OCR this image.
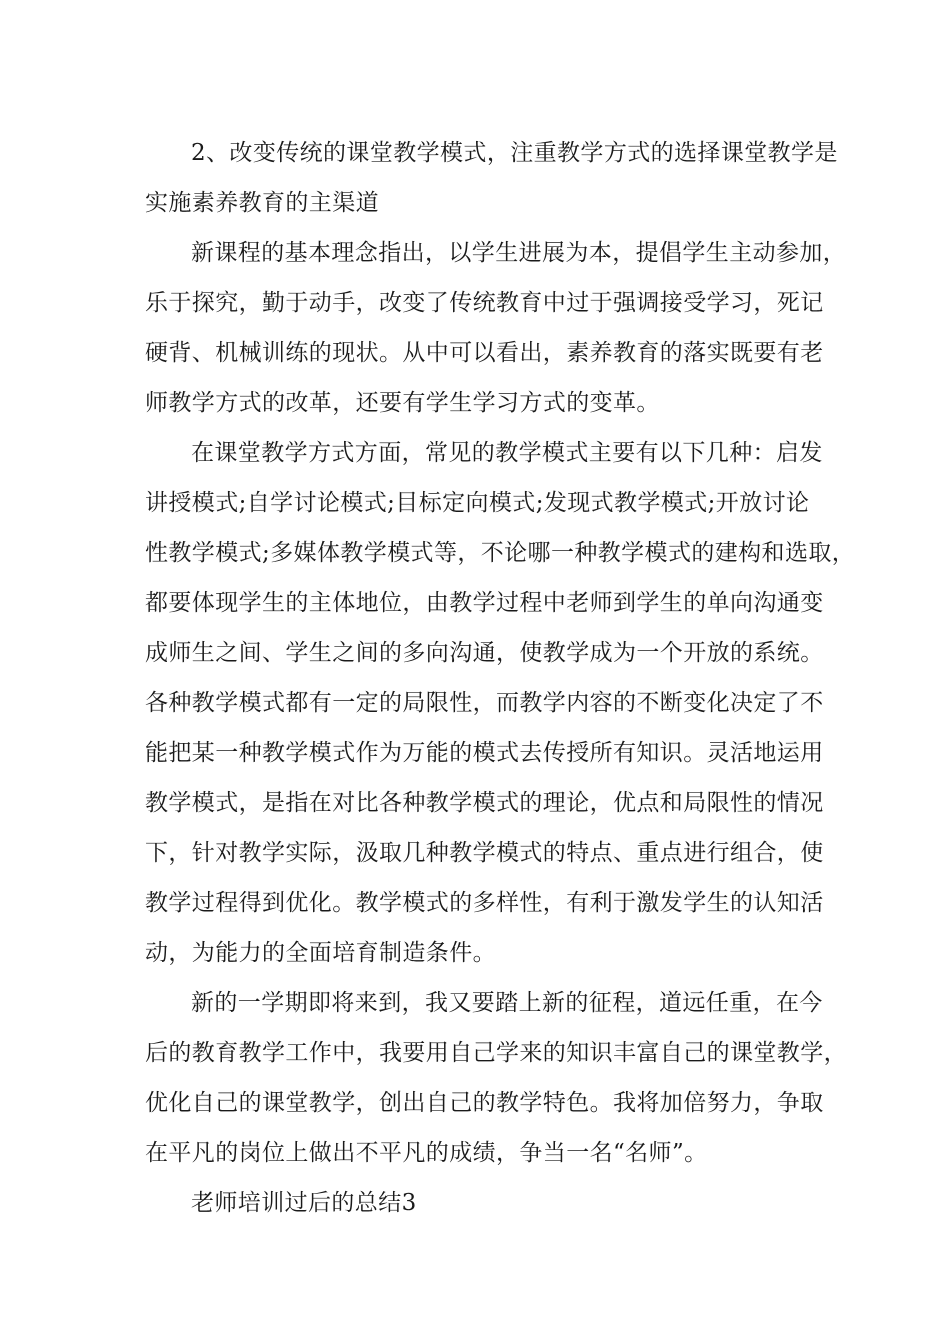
2、改变传统的课堂教学模式，注重教学方式的选择课堂教学是
实施素养教育的主渠道

新课程的基本理念指出，以学生进展为本，提倡学生主动参加，
乐于探究，勤于动手，改变了传统教育中过于强调接受学习，死记
硬背、机械训练的现状。从中可以看出，素养教育的落实既要有老
师教学方式的改革，还要有学生学习方式的变革。

在课堂教学方式方面，常见的教学模式主要有以下几种：启发
讲授模式;自学讨论模式;目标定向模式;发现式教学模式;开放讨论
性教学模式;多媒体教学模式等，不论哪一种教学模式的建构和选取，
都要体现学生的主体地位，由教学过程中老师到学生的单向沟通变
成师生之间、学生之间的多向沟通，使教学成为一个开放的系统。
各种教学模式都有一定的局限性，而教学内容的不断变化决定了不
能把某一种教学模式作为万能的模式去传授所有知识。灵活地运用
教学模式，是指在对比各种教学模式的理论，优点和局限性的情况
下，针对教学实际，汲取几种教学模式的特点、重点进行组合，使
教学过程得到优化。教学模式的多样性，有利于激发学生的认知活
动，为能力的全面培育制造条件。

新的一学期即将来到，我又要踏上新的征程，道远任重，在今
后的教育教学工作中，我要用自己学来的知识丰富自己的课堂教学，
优化自己的课堂教学，创出自己的教学特色。我将加倍努力，争取
在平凡的岗位上做出不平凡的成绩，争当一名“名师”。

老师培训过后的总结3
